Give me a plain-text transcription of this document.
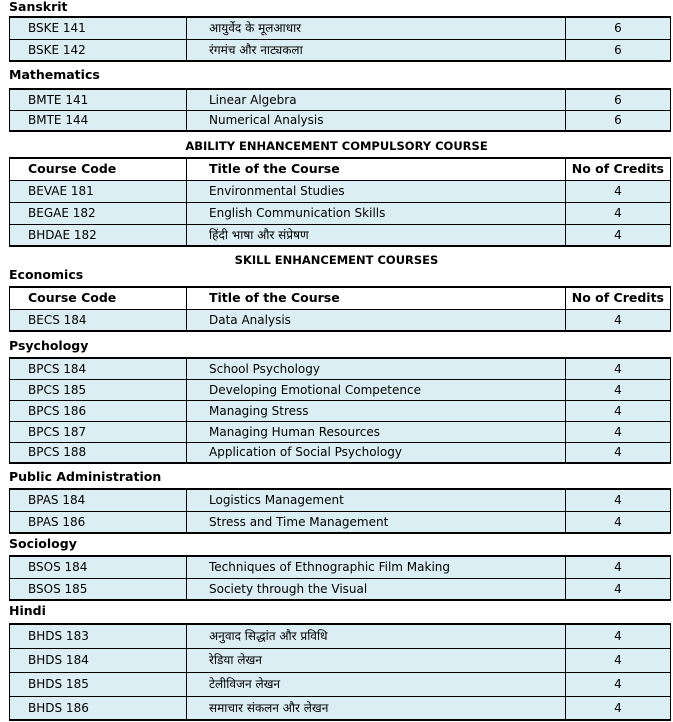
Sanskrit
BSKE 141	आयुर्वेद के मूलआधार	6
BSKE 142	रंगमंच और नाट्यकला	6
Mathematics
BMTE 141	Linear Algebra	6
BMTE 144	Numerical Analysis	6
ABILITY ENHANCEMENT COMPULSORY COURSE
Course Code	Title of the Course	No of Credits
BEVAE 181	Environmental Studies	4
BEGAE 182	English Communication Skills	4
BHDAE 182	हिंदी भाषा और संप्रेषण	4
SKILL ENHANCEMENT COURSES
Economics
Course Code	Title of the Course	No of Credits
BECS 184	Data Analysis	4
Psychology
BPCS 184	School Psychology	4
BPCS 185	Developing Emotional Competence	4
BPCS 186	Managing Stress	4
BPCS 187	Managing Human Resources	4
BPCS 188	Application of Social Psychology	4
Public Administration
BPAS 184	Logistics Management	4
BPAS 186	Stress and Time Management	4
Sociology
BSOS 184	Techniques of Ethnographic Film Making	4
BSOS 185	Society through the Visual	4
Hindi
BHDS 183	अनुवाद सिद्धांत और प्रविधि	4
BHDS 184	रेडिया लेखन	4
BHDS 185	टेलीविजन लेखन	4
BHDS 186	समाचार संकलन और लेखन	4
